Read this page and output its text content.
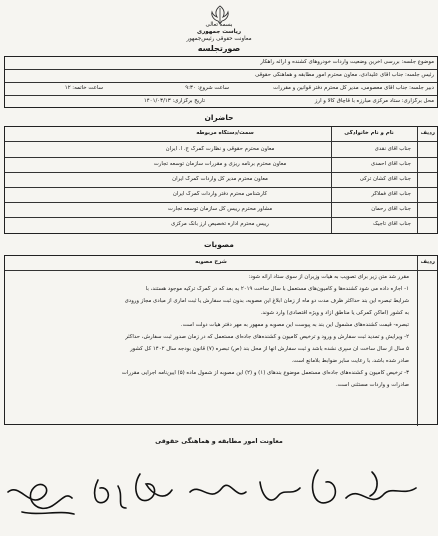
بسمه تعالی
ریاست جمهوری
معاونت حقوقی رئیس‌جمهور
صورتجلسه
موضوع جلسه: بررسی آخرین وضعیت واردات خودروهای کشنده و ارائه راهکار
رئیس جلسه: جناب آقای علیدادی، معاون محترم امور مطابقه و هماهنگی حقوقی
دبیر جلسه: جناب آقای معصومی، مدیر کل محترم دفتر قوانین و مقررات
ساعت شروع: ۹:۳۰
ساعت خاتمه: ۱۲
محل برگزاری: ستاد مرکزی مبارزه با قاچاق کالا و ارز
تاریخ برگزاری: ۱۴۰۱/۰۳/۱۳
حاضران
ردیف
نام و نام خانوادگی
سمت/دستگاه مربوطه
جناب آقای نقدی
معاون محترم حقوقی و نظارت گمرک ج. ا. ایران
جناب آقای احمدی
معاون محترم برنامه ریزی و مقررات سازمان توسعه تجارت
جناب آقای کشان ترکی
معاون محترم مدیر کل واردات گمرک ایران
جناب آقای فملاگر
کارشناس محترم دفتر واردات گمرک ایران
جناب آقای رحمان
مشاور محترم رییس کل سازمان توسعه تجارت
جناب آقای تاجیک
رییس محترم اداره تخصیص ارز بانک مرکزی
مصوبات
ردیف
شرح مصوبه
مقرر شد متن زیر برای تصویب به هیأت وزیران از سوی ستاد ارائه شود:
۱- اجازه داده می شود کشنده‌ها و کامیون‌های مستعمل با سال ساخت ۲۰۱۹ به بعد که در گمرک ترکیه موجود هستند، با
شرایط تبصره این بند حداکثر ظرف مدت دو ماه از زمان ابلاغ این مصوبه، بدون ثبت سفارش یا ثبت آماری از مبادی مجاز ورودی
به کشور (اماکن گمرکی یا مناطق آزاد و ویژه اقتصادی) وارد شوند.
تبصره- قیمت کشنده‌های مشمول این بند به پیوست این مصوبه و ممهور به مهر دفتر هیأت دولت است.
۲- ویرایش و تمدید ثبت سفارش و ورود و ترخیص کامیون و کشنده‌های جاده‌ای مستعمل که در زمان صدور ثبت سفارش، حداکثر
۵ سال از سال ساخت آن سپری نشده باشد و ثبت سفارش آنها از محل بند (ص) تبصره (۷) قانون بودجه سال ۱۴۰۲ کل کشور
صادر شده باشد، با رعایت سایر ضوابط بلامانع است.
۳- ترخیص کامیون و کشنده‌های جاده‌ای مستعمل موضوع بندهای (۱) و (۲) این مصوبه از شمول ماده (۵) آیین‌نامه اجرایی مقررات
صادرات و واردات مستثنی است.
معاونت امور مطابقه و هماهنگی حقوقی
